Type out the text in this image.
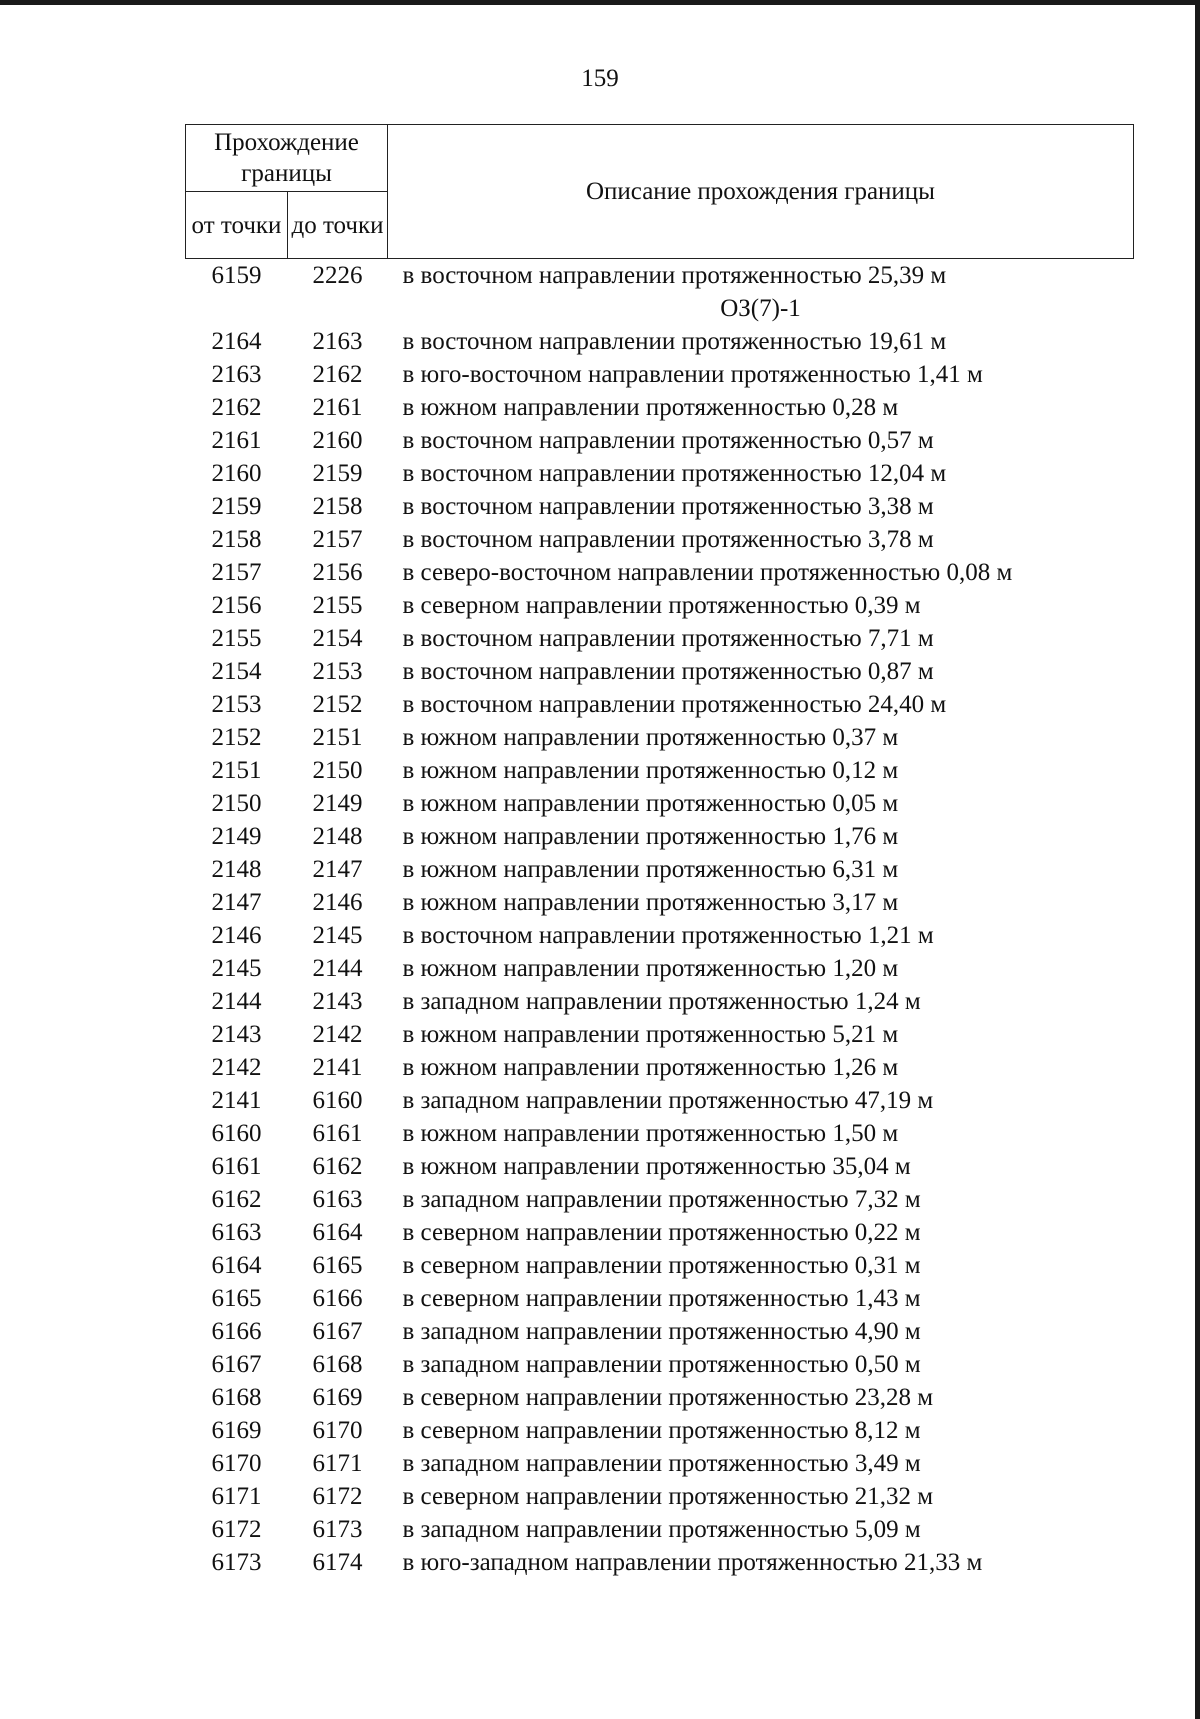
159
Прохождение границы		Описание прохождения границы
от точки	до точки	
6159	2226	в восточном направлении протяженностью 25,39 м
		ОЗ(7)-1
2164	2163	в восточном направлении протяженностью 19,61 м
2163	2162	в юго-восточном направлении протяженностью 1,41 м
2162	2161	в южном направлении протяженностью 0,28 м
2161	2160	в восточном направлении протяженностью 0,57 м
2160	2159	в восточном направлении протяженностью 12,04 м
2159	2158	в восточном направлении протяженностью 3,38 м
2158	2157	в восточном направлении протяженностью 3,78 м
2157	2156	в северо-восточном направлении протяженностью 0,08 м
2156	2155	в северном направлении протяженностью 0,39 м
2155	2154	в восточном направлении протяженностью 7,71 м
2154	2153	в восточном направлении протяженностью 0,87 м
2153	2152	в восточном направлении протяженностью 24,40 м
2152	2151	в южном направлении протяженностью 0,37 м
2151	2150	в южном направлении протяженностью 0,12 м
2150	2149	в южном направлении протяженностью 0,05 м
2149	2148	в южном направлении протяженностью 1,76 м
2148	2147	в южном направлении протяженностью 6,31 м
2147	2146	в южном направлении протяженностью 3,17 м
2146	2145	в восточном направлении протяженностью 1,21 м
2145	2144	в южном направлении протяженностью 1,20 м
2144	2143	в западном направлении протяженностью 1,24 м
2143	2142	в южном направлении протяженностью 5,21 м
2142	2141	в южном направлении протяженностью 1,26 м
2141	6160	в западном направлении протяженностью 47,19 м
6160	6161	в южном направлении протяженностью 1,50 м
6161	6162	в южном направлении протяженностью 35,04 м
6162	6163	в западном направлении протяженностью 7,32 м
6163	6164	в северном направлении протяженностью 0,22 м
6164	6165	в северном направлении протяженностью 0,31 м
6165	6166	в северном направлении протяженностью 1,43 м
6166	6167	в западном направлении протяженностью 4,90 м
6167	6168	в западном направлении протяженностью 0,50 м
6168	6169	в северном направлении протяженностью 23,28 м
6169	6170	в северном направлении протяженностью 8,12 м
6170	6171	в западном направлении протяженностью 3,49 м
6171	6172	в северном направлении протяженностью 21,32 м
6172	6173	в западном направлении протяженностью 5,09 м
6173	6174	в юго-западном направлении протяженностью 21,33 м
